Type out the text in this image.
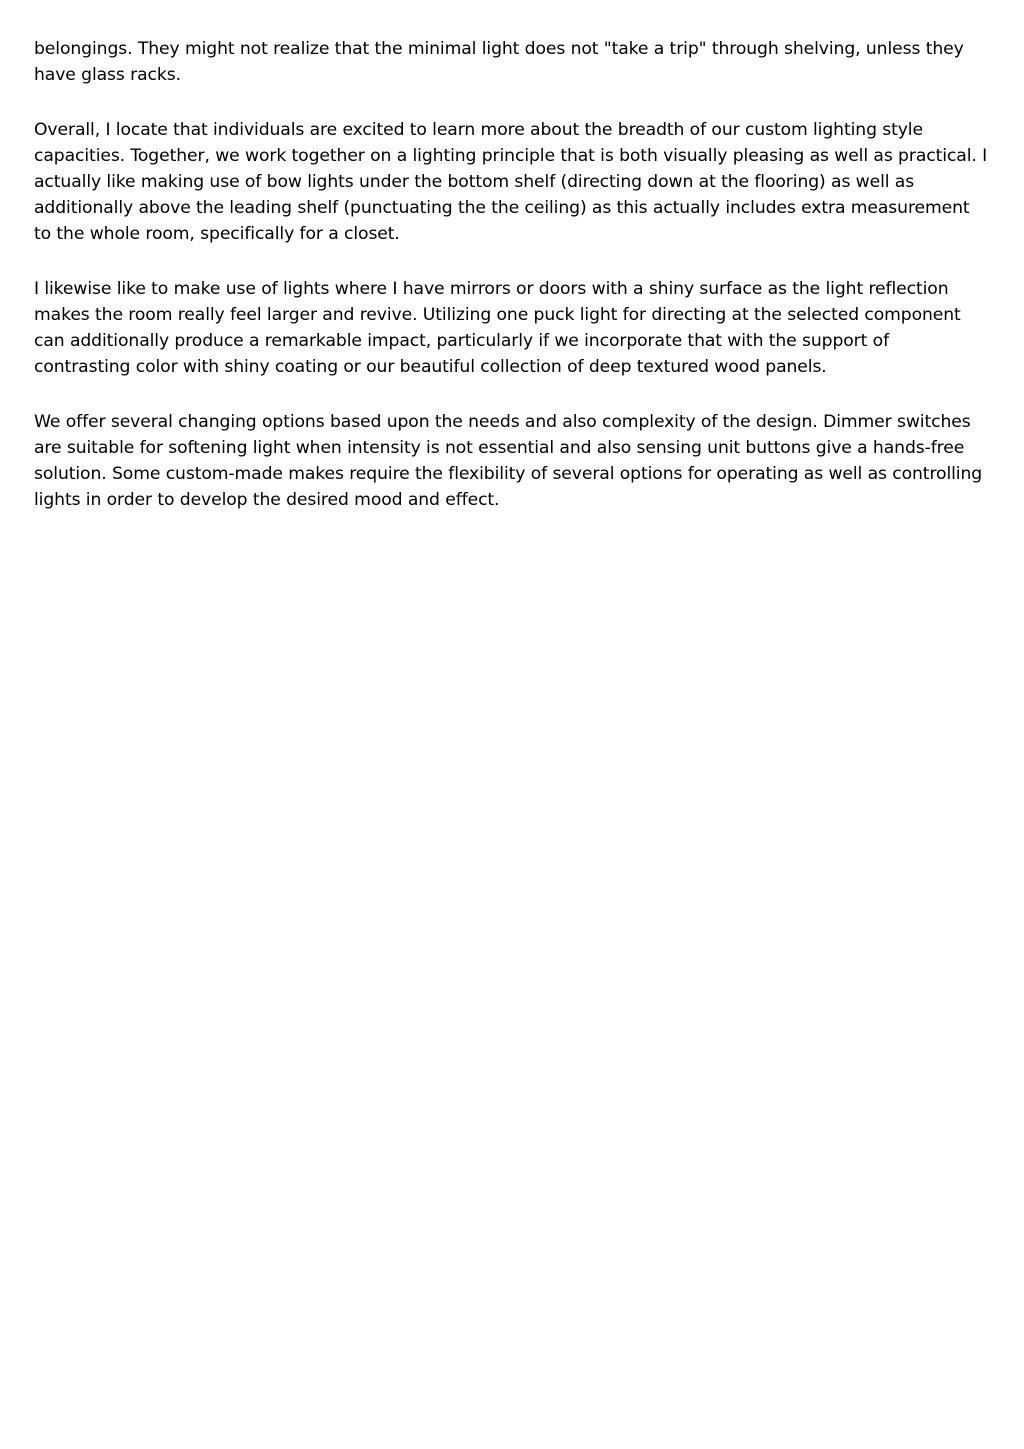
belongings. They might not realize that the minimal light does not "take a trip" through shelving, unless they have glass racks.

Overall, I locate that individuals are excited to learn more about the breadth of our custom lighting style capacities. Together, we work together on a lighting principle that is both visually pleasing as well as practical. I actually like making use of bow lights under the bottom shelf (directing down at the flooring) as well as additionally above the leading shelf (punctuating the the ceiling) as this actually includes extra measurement to the whole room, specifically for a closet.

I likewise like to make use of lights where I have mirrors or doors with a shiny surface as the light reflection makes the room really feel larger and revive. Utilizing one puck light for directing at the selected component can additionally produce a remarkable impact, particularly if we incorporate that with the support of contrasting color with shiny coating or our beautiful collection of deep textured wood panels.

We offer several changing options based upon the needs and also complexity of the design. Dimmer switches are suitable for softening light when intensity is not essential and also sensing unit buttons give a hands-free solution. Some custom-made makes require the flexibility of several options for operating as well as controlling lights in order to develop the desired mood and effect.
